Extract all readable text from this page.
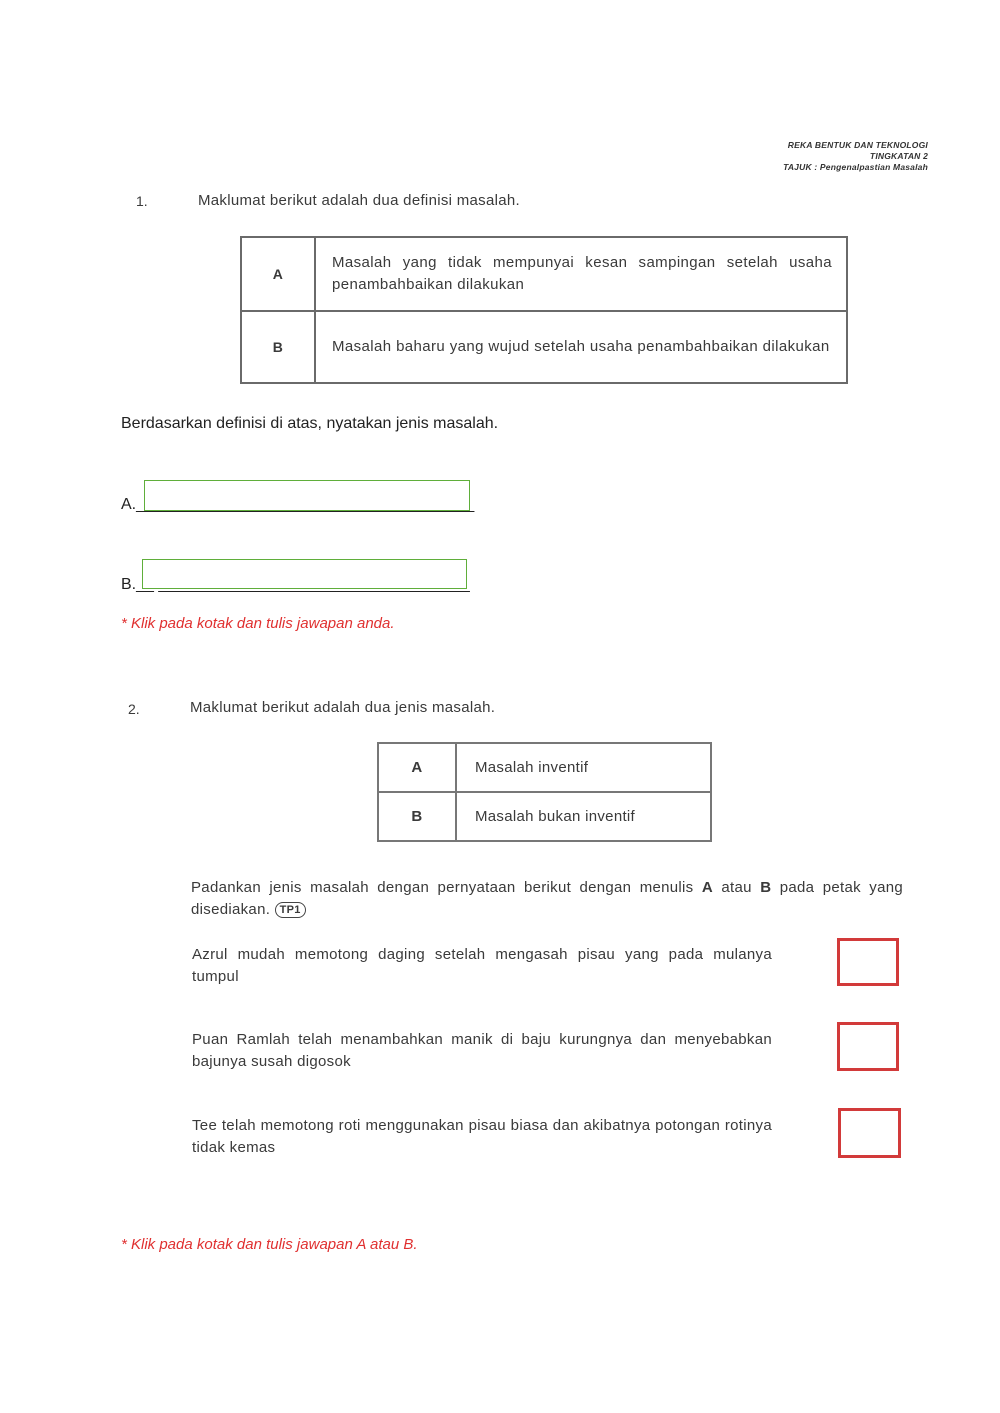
REKA BENTUK DAN TEKNOLOGI
TINGKATAN 2
TAJUK : Pengenalpastian Masalah
1.	Maklumat berikut adalah dua definisi masalah.
A	Masalah yang tidak mempunyai kesan sampingan setelah usaha penambahbaikan dilakukan
B	Masalah baharu yang wujud setelah usaha penambahbaikan dilakukan
Berdasarkan definisi di atas, nyatakan jenis masalah.
A.______________________________________
B.__ ___________________________________
* Klik pada kotak dan tulis jawapan anda.
2.	Maklumat berikut adalah dua jenis masalah.
A	Masalah inventif
B	Masalah bukan inventif
Padankan jenis masalah dengan pernyataan berikut dengan menulis A atau B pada petak yang disediakan. TP1
Azrul mudah memotong daging setelah mengasah pisau yang pada mulanya tumpul
Puan Ramlah telah menambahkan manik di baju kurungnya dan menyebabkan bajunya susah digosok
Tee telah memotong roti menggunakan pisau biasa dan akibatnya potongan rotinya tidak kemas
* Klik pada kotak dan tulis jawapan A atau B.
